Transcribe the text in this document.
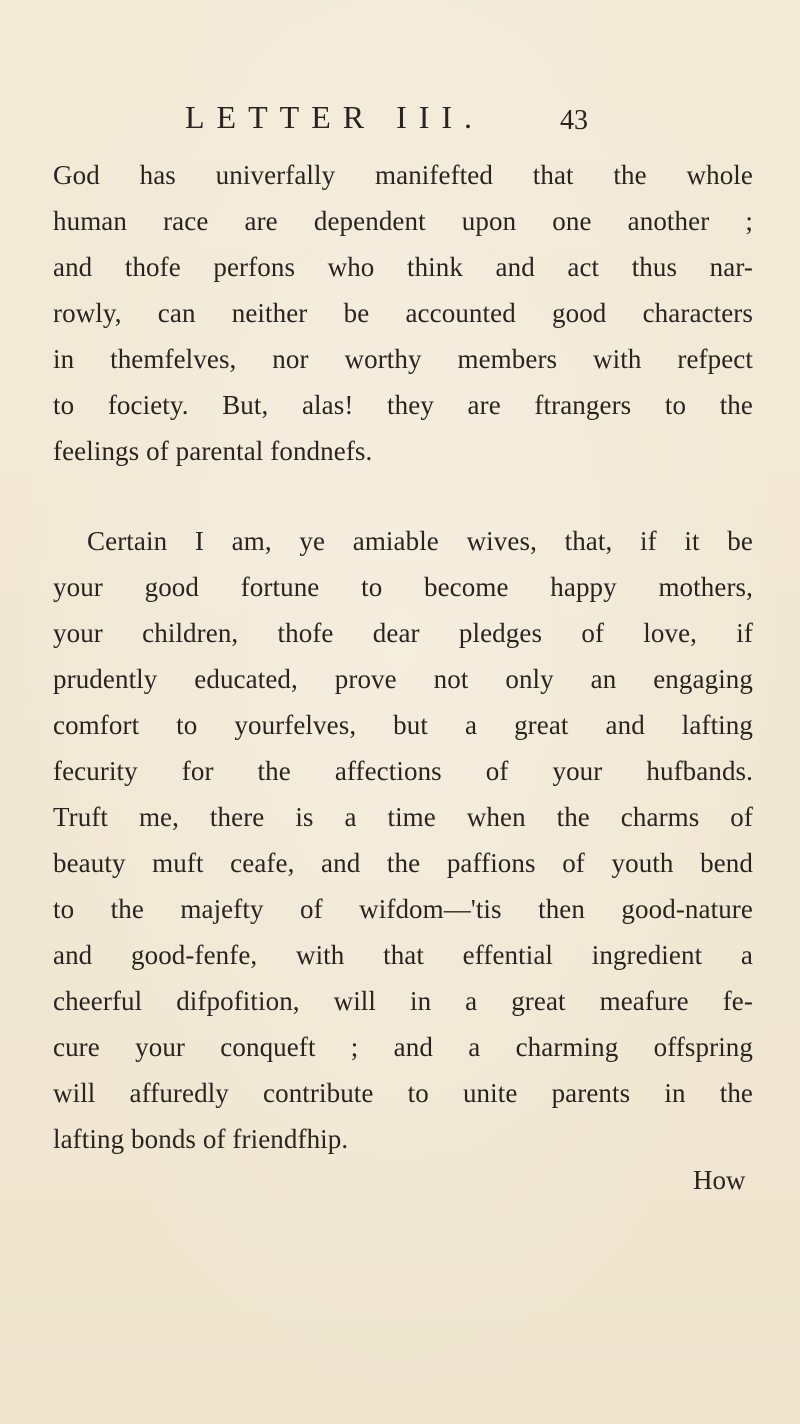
LETTER III.	43
God has univerfally manifefted that the whole
human race are dependent upon one another ;
and thofe perfons who think and act thus nar-
rowly, can neither be accounted good characters
in themfelves, nor worthy members with refpect
to fociety. But, alas! they are ftrangers to the
feelings of parental fondnefs.
Certain I am, ye amiable wives, that, if it be
your good fortune to become happy mothers,
your children, thofe dear pledges of love, if
prudently educated, prove not only an engaging
comfort to yourfelves, but a great and lafting
fecurity for the affections of your hufbands.
Truft me, there is a time when the charms of
beauty muft ceafe, and the paffions of youth bend
to the majefty of wifdom—'tis then good-nature
and good-fenfe, with that effential ingredient a
cheerful difpofition, will in a great meafure fe-
cure your conqueft ; and a charming offspring
will affuredly contribute to unite parents in the
lafting bonds of friendfhip.
How
